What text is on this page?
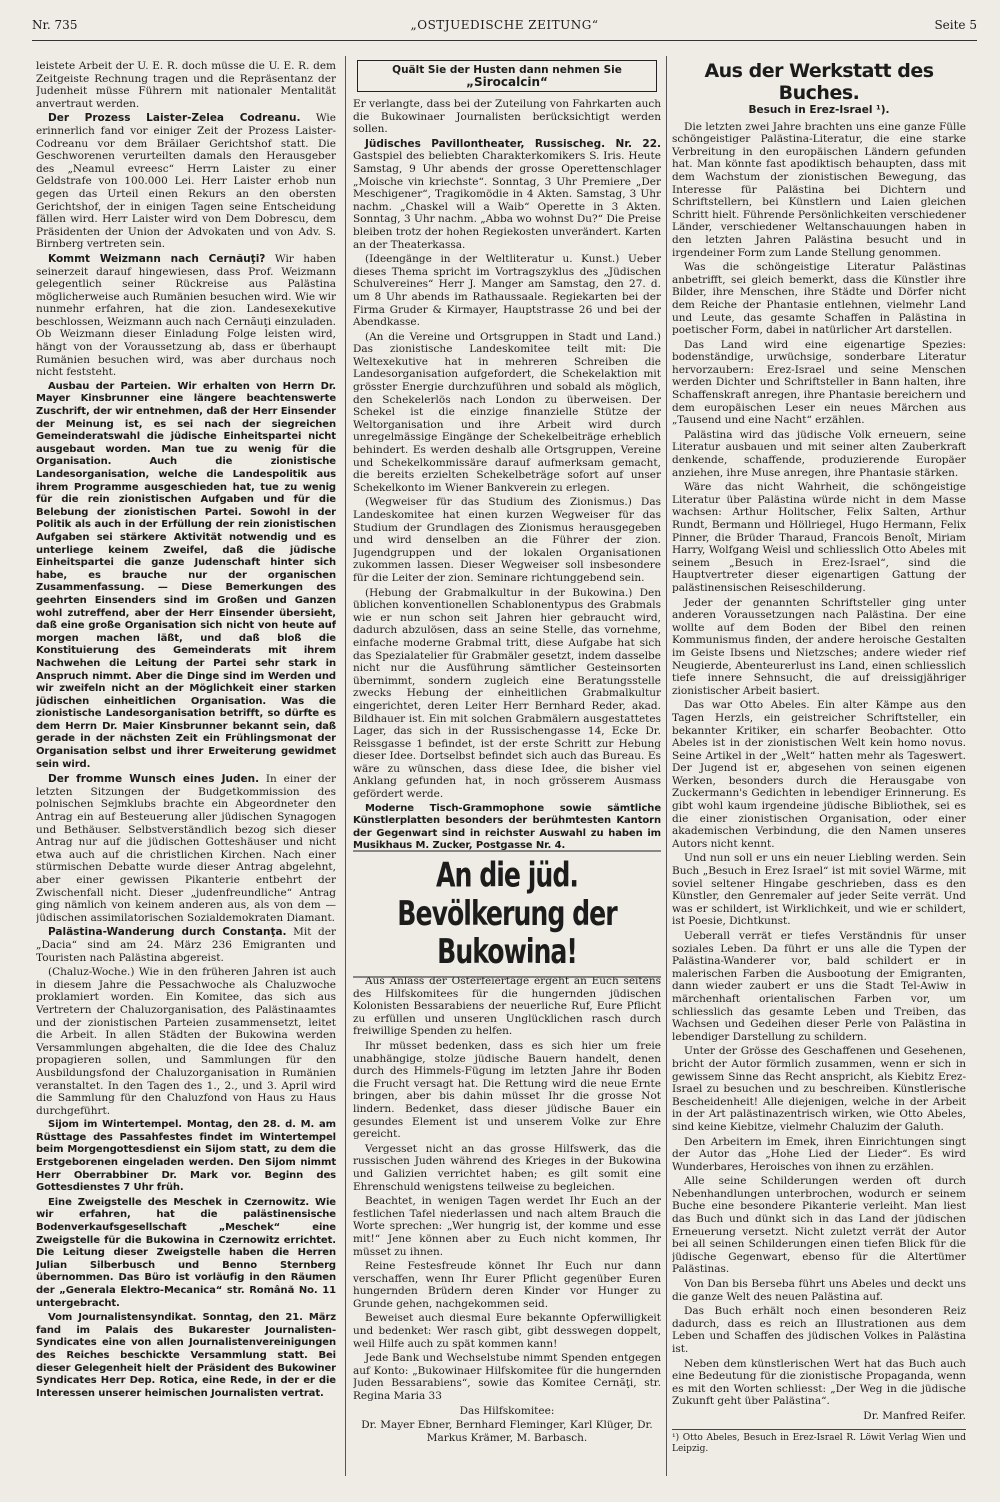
Nr. 735	„OSTJUEDISCHE ZEITUNG“	Seite 5

leistete Arbeit der U. E. R. doch müsse die U. E. R. dem Zeitgeiste Rechnung tragen und die Repräsentanz der Judenheit müsse Führern mit nationaler Mentalität anvertraut werden.

Der Prozess Laister-Zelea Codreanu. Wie erinnerlich fand vor einiger Zeit der Prozess Laister-Codreanu vor dem Brăilaer Gerichtshof statt. Die Geschworenen verurteilten damals den Herausgeber des „Neamul evreesc“ Herrn Laister zu einer Geldstrafe von 100.000 Lei. Herr Laister erhob nun gegen das Urteil einen Rekurs an den obersten Gerichtshof, der in einigen Tagen seine Entscheidung fällen wird. Herr Laister wird von Dem Dobrescu, dem Präsidenten der Union der Advokaten und von Adv. S. Birnberg vertreten sein.

Kommt Weizmann nach Cernăuţi? Wir haben seinerzeit darauf hingewiesen, dass Prof. Weizmann gelegentlich seiner Rückreise aus Palästina möglicherweise auch Rumänien besuchen wird. Wie wir nunmehr erfahren, hat die zion. Landesexekutive beschlossen, Weizmann auch nach Cernăuţi einzuladen. Ob Weizmann dieser Einladung Folge leisten wird, hängt von der Voraussetzung ab, dass er überhaupt Rumänien besuchen wird, was aber durchaus noch nicht feststeht.

Ausbau der Parteien. Wir erhalten von Herrn Dr. Mayer Kinsbrunner eine längere beachtenswerte Zuschrift, der wir entnehmen, daß der Herr Einsender der Meinung ist, es sei nach der siegreichen Gemeinderatswahl die jüdische Einheitspartei nicht ausgebaut worden. Man tue zu wenig für die Organisation. Auch die zionistische Landesorganisation, welche die Landespolitik aus ihrem Programme ausgeschieden hat, tue zu wenig für die rein zionistischen Aufgaben und für die Belebung der zionistischen Partei. Sowohl in der Politik als auch in der Erfüllung der rein zionistischen Aufgaben sei stärkere Aktivität notwendig und es unterliege keinem Zweifel, daß die jüdische Einheitspartei die ganze Judenschaft hinter sich habe, es brauche nur der organischen Zusammenfassung. — Diese Bemerkungen des geehrten Einsenders sind im Großen und Ganzen wohl zutreffend, aber der Herr Einsender übersieht, daß eine große Organisation sich nicht von heute auf morgen machen läßt, und daß bloß die Konstituierung des Gemeinderats mit ihrem Nachwehen die Leitung der Partei sehr stark in Anspruch nimmt. Aber die Dinge sind im Werden und wir zweifeln nicht an der Möglichkeit einer starken jüdischen einheitlichen Organisation. Was die zionistische Landesorganisation betrifft, so dürfte es dem Herrn Dr. Maier Kinsbrunner bekannt sein, daß gerade in der nächsten Zeit ein Frühlingsmonat der Organisation selbst und ihrer Erweiterung gewidmet sein wird.

Der fromme Wunsch eines Juden. In einer der letzten Sitzungen der Budgetkommission des polnischen Sejmklubs brachte ein Abgeordneter den Antrag ein auf Besteuerung aller jüdischen Synagogen und Bethäuser. Selbstverständlich bezog sich dieser Antrag nur auf die jüdischen Gotteshäuser und nicht etwa auch auf die christlichen Kirchen. Nach einer stürmischen Debatte wurde dieser Antrag abgelehnt, aber einer gewissen Pikanterie entbehrt der Zwischenfall nicht. Dieser „judenfreundliche“ Antrag ging nämlich von keinem anderen aus, als von dem — jüdischen assimilatorischen Sozialdemokraten Diamant.

Palästina-Wanderung durch Constanţa. Mit der „Dacia“ sind am 24. März 236 Emigranten und Touristen nach Palästina abgereist.

(Chaluz-Woche.) Wie in den früheren Jahren ist auch in diesem Jahre die Pessachwoche als Chaluzwoche proklamiert worden. Ein Komitee, das sich aus Vertretern der Chaluzorganisation, des Palästinaamtes und der zionistischen Parteien zusammensetzt, leitet die Arbeit. In allen Städten der Bukowina werden Versammlungen abgehalten, die die Idee des Chaluz propagieren sollen, und Sammlungen für den Ausbildungsfond der Chaluzorganisation in Rumänien veranstaltet. In den Tagen des 1., 2., und 3. April wird die Sammlung für den Chaluzfond von Haus zu Haus durchgeführt.

Sijom im Wintertempel. Montag, den 28. d. M. am Rüsttage des Passahfestes findet im Wintertempel beim Morgengottesdienst ein Sijom statt, zu dem die Erstgeborenen eingeladen werden. Den Sijom nimmt Herr Oberrabbiner Dr. Mark vor. Beginn des Gottesdienstes 7 Uhr früh.

Eine Zweigstelle des Meschek in Czernowitz. Wie wir erfahren, hat die palästinensische Bodenverkaufsgesellschaft „Meschek“ eine Zweigstelle für die Bukowina in Czernowitz errichtet. Die Leitung dieser Zweigstelle haben die Herren Julian Silberbusch und Benno Sternberg übernommen. Das Büro ist vorläufig in den Räumen der „Generala Elektro-Mecanica“ str. Română No. 11 untergebracht.

Vom Journalistensyndikat. Sonntag, den 21. März fand im Palais des Bukarester Journalisten-Syndicates eine von allen Journalistenvereinigungen des Reiches beschickte Versammlung statt. Bei dieser Gelegenheit hielt der Präsident des Bukowiner Syndicates Herr Dep. Rotica, eine Rede, in der er die Interessen unserer heimischen Journalisten vertrat.

Quält Sie der Husten dann nehmen Sie
„Sirocalcin“

Er verlangte, dass bei der Zuteilung von Fahrkarten auch die Bukowinaer Journalisten berücksichtigt werden sollen.

Jüdisches Pavillontheater, Russischeg. Nr. 22. Gastspiel des beliebten Charakterkomikers S. Iris. Heute Samstag, 9 Uhr abends der grosse Operettenschlager „Moische vin kriechste“. Sonntag, 3 Uhr Premiere „Der Meschigener“, Tragikomödie in 4 Akten. Samstag, 3 Uhr nachm. „Chaskel will a Waib“ Operette in 3 Akten. Sonntag, 3 Uhr nachm. „Abba wo wohnst Du?“ Die Preise bleiben trotz der hohen Regiekosten unverändert. Karten an der Theaterkassa.

(Ideengänge in der Weltliteratur u. Kunst.) Ueber dieses Thema spricht im Vortragszyklus des „Jüdischen Schulvereines“ Herr J. Manger am Samstag, den 27. d. um 8 Uhr abends im Rathaussaale. Regiekarten bei der Firma Gruder & Kirmayer, Hauptstrasse 26 und bei der Abendkasse.

(An die Vereine und Ortsgruppen in Stadt und Land.) Das zionistische Landeskomitee teilt mit: Die Weltexekutive hat in mehreren Schreiben die Landesorganisation aufgefordert, die Schekelaktion mit grösster Energie durchzuführen und sobald als möglich, den Schekelerlös nach London zu überweisen. Der Schekel ist die einzige finanzielle Stütze der Weltorganisation und ihre Arbeit wird durch unregelmässige Eingänge der Schekelbeiträge erheblich behindert. Es werden deshalb alle Ortsgruppen, Vereine und Schekelkommissäre darauf aufmerksam gemacht, die bereits erzielten Schekelbeträge sofort auf unser Schekelkonto im Wiener Bankverein zu erlegen.

(Wegweiser für das Studium des Zionismus.) Das Landeskomitee hat einen kurzen Wegweiser für das Studium der Grundlagen des Zionismus herausgegeben und wird denselben an die Führer der zion. Jugendgruppen und der lokalen Organisationen zukommen lassen. Dieser Wegweiser soll insbesondere für die Leiter der zion. Seminare richtunggebend sein.

(Hebung der Grabmalkultur in der Bukowina.) Den üblichen konventionellen Schablonentypus des Grabmals wie er nun schon seit Jahren hier gebraucht wird, dadurch abzulösen, dass an seine Stelle, das vornehme, einfache moderne Grabmal tritt, diese Aufgabe hat sich das Spezialatelier für Grabmäler gesetzt, indem dasselbe nicht nur die Ausführung sämtlicher Gesteinsorten übernimmt, sondern zugleich eine Beratungsstelle zwecks Hebung der einheitlichen Grabmalkultur eingerichtet, deren Leiter Herr Bernhard Reder, akad. Bildhauer ist. Ein mit solchen Grabmälern ausgestattetes Lager, das sich in der Russischengasse 14, Ecke Dr. Reissgasse 1 befindet, ist der erste Schritt zur Hebung dieser Idee. Dortselbst befindet sich auch das Bureau. Es wäre zu wünschen, dass diese Idee, die bisher viel Anklang gefunden hat, in noch grösserem Ausmass gefördert werde.

Moderne Tisch-Grammophone sowie sämtliche Künstlerplatten besonders der berühmtesten Kantorn der Gegenwart sind in reichster Auswahl zu haben im Musikhaus M. Zucker, Postgasse Nr. 4.

An die jüd. Bevölkerung der Bukowina!

Aus Anlass der Osterfeiertage ergeht an Euch seitens des Hilfskomitees für die hungernden jüdischen Kolonisten Bessarabiens der neuerliche Ruf, Eure Pflicht zu erfüllen und unseren Unglücklichen rasch durch freiwillige Spenden zu helfen.

Ihr müsset bedenken, dass es sich hier um freie unabhängige, stolze jüdische Bauern handelt, denen durch des Himmels-Fügung im letzten Jahre ihr Boden die Frucht versagt hat. Die Rettung wird die neue Ernte bringen, aber bis dahin müsset Ihr die grosse Not lindern. Bedenket, dass dieser jüdische Bauer ein gesundes Element ist und unserem Volke zur Ehre gereicht.

Vergesset nicht an das grosse Hilfswerk, das die russischen Juden während des Krieges in der Bukowina und Galizien verrichtet haben; es gilt somit eine Ehrenschuld wenigstens teilweise zu begleichen.

Beachtet, in wenigen Tagen werdet Ihr Euch an der festlichen Tafel niederlassen und nach altem Brauch die Worte sprechen: „Wer hungrig ist, der komme und esse mit!“ Jene können aber zu Euch nicht kommen, Ihr müsset zu ihnen.

Reine Festesfreude könnet Ihr Euch nur dann verschaffen, wenn Ihr Eurer Pflicht gegenüber Euren hungernden Brüdern deren Kinder vor Hunger zu Grunde gehen, nachgekommen seid.

Beweiset auch diesmal Eure bekannte Opferwilligkeit und bedenket: Wer rasch gibt, gibt desswegen doppelt, weil Hilfe auch zu spät kommen kann!

Jede Bank und Wechselstube nimmt Spenden entgegen auf Konto: „Bukowinaer Hilfskomitee für die hungernden Juden Bessarabiens“, sowie das Komitee Cernăţi, str. Regina Maria 33

Das Hilfskomitee:

Dr. Mayer Ebner, Bernhard Fleminger, Karl Klüger, Dr. Markus Krämer, M. Barbasch.

Aus der Werkstatt des Buches.
Besuch in Erez-Israel ¹).

Die letzten zwei Jahre brachten uns eine ganze Fülle schöngeistiger Palästina-Literatur, die eine starke Verbreitung in den europäischen Ländern gefunden hat. Man könnte fast apodiktisch behaupten, dass mit dem Wachstum der zionistischen Bewegung, das Interesse für Palästina bei Dichtern und Schriftstellern, bei Künstlern und Laien gleichen Schritt hielt. Führende Persönlichkeiten verschiedener Länder, verschiedener Weltanschauungen haben in den letzten Jahren Palästina besucht und in irgendeiner Form zum Lande Stellung genommen.

Was die schöngeistige Literatur Palästinas anbetrifft, sei gleich bemerkt, dass die Künstler ihre Bilder, ihre Menschen, ihre Städte und Dörfer nicht dem Reiche der Phantasie entlehnen, vielmehr Land und Leute, das gesamte Schaffen in Palästina in poetischer Form, dabei in natürlicher Art darstellen.

Das Land wird eine eigenartige Spezies: bodenständige, urwüchsige, sonderbare Literatur hervorzaubern: Erez-Israel und seine Menschen werden Dichter und Schriftsteller in Bann halten, ihre Schaffenskraft anregen, ihre Phantasie bereichern und dem europäischen Leser ein neues Märchen aus „Tausend und eine Nacht“ erzählen.

Palästina wird das jüdische Volk erneuern, seine Literatur ausbauen und mit seiner alten Zauberkraft denkende, schaffende, produzierende Europäer anziehen, ihre Muse anregen, ihre Phantasie stärken.

Wäre das nicht Wahrheit, die schöngeistige Literatur über Palästina würde nicht in dem Masse wachsen: Arthur Holitscher, Felix Salten, Arthur Rundt, Bermann und Höllriegel, Hugo Hermann, Felix Pinner, die Brüder Tharaud, Francois Benoît, Miriam Harry, Wolfgang Weisl und schliesslich Otto Abeles mit seinem „Besuch in Erez-Israel“, sind die Hauptvertreter dieser eigenartigen Gattung der palästinensischen Reiseschilderung.

Jeder der genannten Schriftsteller ging unter anderen Voraussetzungen nach Palästina. Der eine wollte auf dem Boden der Bibel den reinen Kommunismus finden, der andere heroische Gestalten im Geiste Ibsens und Nietzsches; andere wieder rief Neugierde, Abenteurerlust ins Land, einen schliesslich tiefe innere Sehnsucht, die auf dreissigjähriger zionistischer Arbeit basiert.

Das war Otto Abeles. Ein alter Kämpe aus den Tagen Herzls, ein geistreicher Schriftsteller, ein bekannter Kritiker, ein scharfer Beobachter. Otto Abeles ist in der zionistischen Welt kein homo novus. Seine Artikel in der „Welt“ hatten mehr als Tageswert. Der Jugend ist er, abgesehen von seinen eigenen Werken, besonders durch die Herausgabe von Zuckermann's Gedichten in lebendiger Erinnerung. Es gibt wohl kaum irgendeine jüdische Bibliothek, sei es die einer zionistischen Organisation, oder einer akademischen Verbindung, die den Namen unseres Autors nicht kennt.

Und nun soll er uns ein neuer Liebling werden. Sein Buch „Besuch in Erez Israel“ ist mit soviel Wärme, mit soviel seltener Hingabe geschrieben, dass es den Künstler, den Genremaler auf jeder Seite verrät. Und was er schildert, ist Wirklichkeit, und wie er schildert, ist Poesie, Dichtkunst.

Ueberall verrät er tiefes Verständnis für unser soziales Leben. Da führt er uns alle die Typen der Palästina-Wanderer vor, bald schildert er in malerischen Farben die Ausbootung der Emigranten, dann wieder zaubert er uns die Stadt Tel-Awiw in märchenhaft orientalischen Farben vor, um schliesslich das gesamte Leben und Treiben, das Wachsen und Gedeihen dieser Perle von Palästina in lebendiger Darstellung zu schildern.

Unter der Grösse des Geschaffenen und Gesehenen, bricht der Autor förmlich zusammen, wenn er sich in gewissem Sinne das Recht anspricht, als Kiebitz Erez-Israel zu besuchen und zu beschreiben. Künstlerische Bescheidenheit! Alle diejenigen, welche in der Arbeit in der Art palästinazentrisch wirken, wie Otto Abeles, sind keine Kiebitze, vielmehr Chaluzim der Galuth.

Den Arbeitern im Emek, ihren Einrichtungen singt der Autor das „Hohe Lied der Lieder“. Es wird Wunderbares, Heroisches von ihnen zu erzählen.

Alle seine Schilderungen werden oft durch Nebenhandlungen unterbrochen, wodurch er seinem Buche eine besondere Pikanterie verleiht. Man liest das Buch und dünkt sich in das Land der jüdischen Erneuerung versetzt. Nicht zuletzt verrät der Autor bei all seinen Schilderungen einen tiefen Blick für die jüdische Gegenwart, ebenso für die Altertümer Palästinas.

Von Dan bis Berseba führt uns Abeles und deckt uns die ganze Welt des neuen Palästina auf.

Das Buch erhält noch einen besonderen Reiz dadurch, dass es reich an Illustrationen aus dem Leben und Schaffen des jüdischen Volkes in Palästina ist.

Neben dem künstlerischen Wert hat das Buch auch eine Bedeutung für die zionistische Propaganda, wenn es mit den Worten schliesst: „Der Weg in die jüdische Zukunft geht über Palästina“.

Dr. Manfred Reifer.

¹) Otto Abeles, Besuch in Erez-Israel R. Löwit Verlag Wien und Leipzig.
